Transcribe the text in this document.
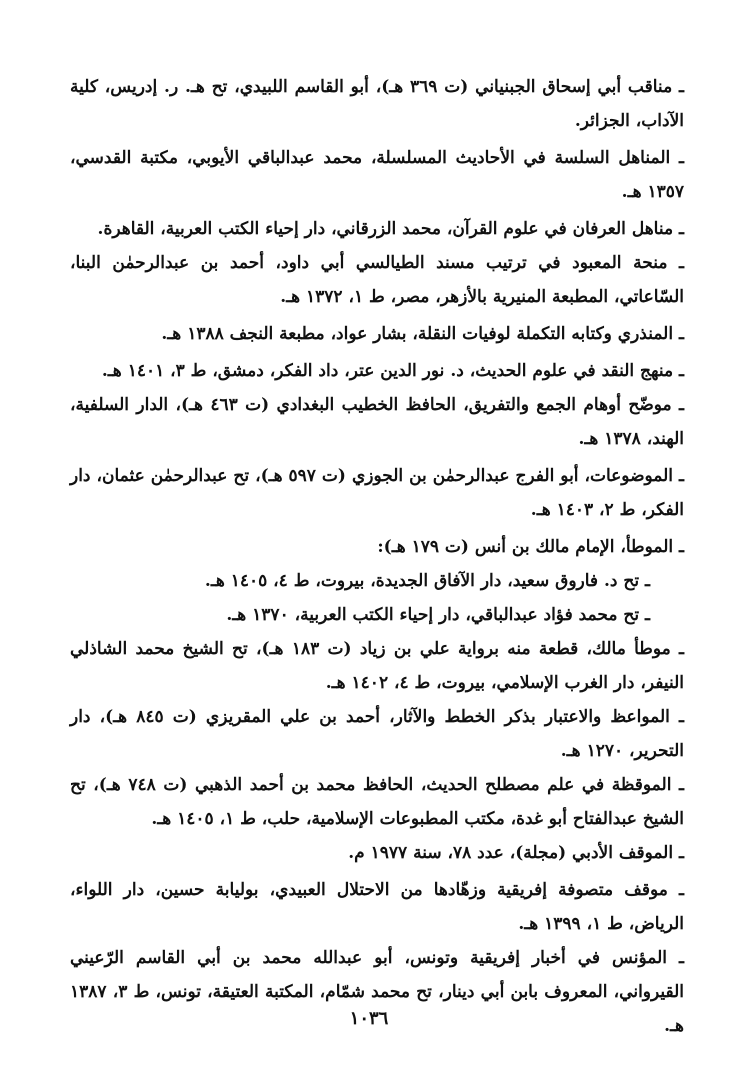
ـ مناقب أبي إسحاق الجبنياني (ت ٣٦٩ هـ)، أبو القاسم اللبيدي، تح هـ. ر. إدريس، كلية الآداب، الجزائر.

ـ المناهل السلسة في الأحاديث المسلسلة، محمد عبدالباقي الأيوبي، مكتبة القدسي، ١٣٥٧ هـ.

ـ مناهل العرفان في علوم القرآن، محمد الزرقاني، دار إحياء الكتب العربية، القاهرة.

ـ منحة المعبود في ترتيب مسند الطيالسي أبي داود، أحمد بن عبدالرحمٰن البنا، السّاعاتي، المطبعة المنيرية بالأزهر، مصر، ط ١، ١٣٧٢ هـ.

ـ المنذري وكتابه التكملة لوفيات النقلة، بشار عواد، مطبعة النجف ١٣٨٨ هـ.

ـ منهج النقد في علوم الحديث، د. نور الدين عتر، داد الفكر، دمشق، ط ٣، ١٤٠١ هـ.

ـ موضّح أوهام الجمع والتفريق، الحافظ الخطيب البغدادي (ت ٤٦٣ هـ)، الدار السلفية، الهند، ١٣٧٨ هـ.

ـ الموضوعات، أبو الفرج عبدالرحمٰن بن الجوزي (ت ٥٩٧ هـ)، تح عبدالرحمٰن عثمان، دار الفكر، ط ٢، ١٤٠٣ هـ.

ـ الموطأ، الإمام مالك بن أنس (ت ١٧٩ هـ):

ـ تح د. فاروق سعيد، دار الآفاق الجديدة، بيروت، ط ٤، ١٤٠٥ هـ.

ـ تح محمد فؤاد عبدالباقي، دار إحياء الكتب العربية، ١٣٧٠ هـ.

ـ موطأ مالك، قطعة منه برواية علي بن زياد (ت ١٨٣ هـ)، تح الشيخ محمد الشاذلي النيفر، دار الغرب الإسلامي، بيروت، ط ٤، ١٤٠٢ هـ.

ـ المواعظ والاعتبار بذكر الخطط والآثار، أحمد بن علي المقريزي (ت ٨٤٥ هـ)، دار التحرير، ١٢٧٠ هـ.

ـ الموقظة في علم مصطلح الحديث، الحافظ محمد بن أحمد الذهبي (ت ٧٤٨ هـ)، تح الشيخ عبدالفتاح أبو غدة، مكتب المطبوعات الإسلامية، حلب، ط ١، ١٤٠٥ هـ.

ـ الموقف الأدبي (مجلة)، عدد ٧٨، سنة ١٩٧٧ م.

ـ موقف متصوفة إفريقية وزهّادها من الاحتلال العبيدي، بوليابة حسين، دار اللواء، الرياض، ط ١، ١٣٩٩ هـ.

ـ المؤنس في أخبار إفريقية وتونس، أبو عبدالله محمد بن أبي القاسم الرّعيني القيرواني، المعروف بابن أبي دينار، تح محمد شمّام، المكتبة العتيقة، تونس، ط ٣، ١٣٨٧ هـ.

١٠٣٦
